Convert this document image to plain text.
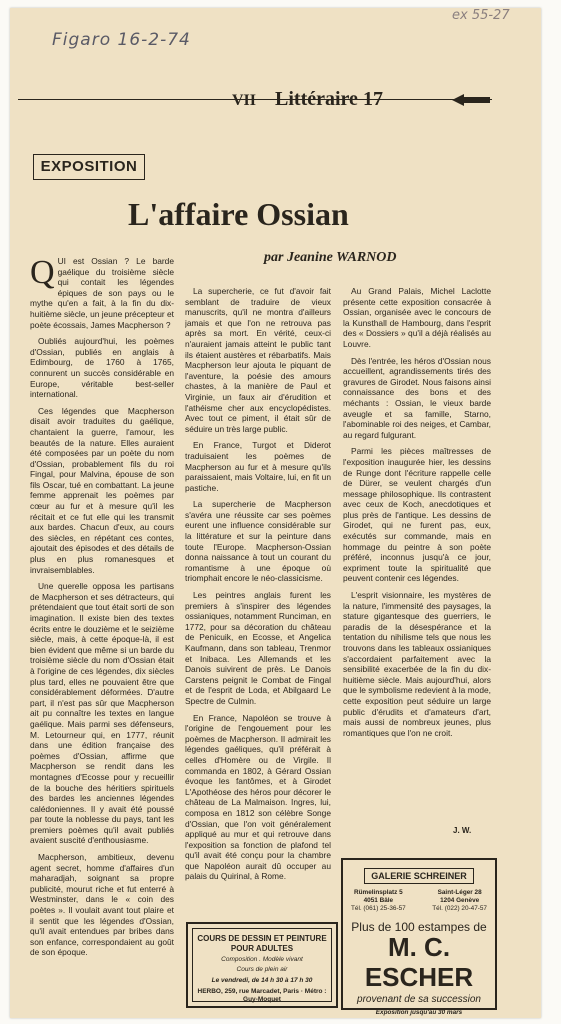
Figaro 16-2-74
ex 55-27
VII Littéraire 17
EXPOSITION
L'affaire Ossian
par Jeanine WARNOD

QUI est Ossian ? Le barde gaélique du troisième siècle qui contait les légendes épiques de son pays ou le mythe qu'en a fait, à la fin du dix-huitième siècle, un jeune précepteur et poète écossais, James Macpherson ?

Oubliés aujourd'hui, les poèmes d'Ossian, publiés en anglais à Edimbourg, de 1760 à 1765, connurent un succès considérable en Europe, véritable best-seller international.

Ces légendes que Macpherson disait avoir traduites du gaélique, chantaient la guerre, l'amour, les beautés de la nature. Elles auraient été composées par un poète du nom d'Ossian, probablement fils du roi Fingal, pour Malvina, épouse de son fils Oscar, tué en combattant. La jeune femme apprenait les poèmes par cœur au fur et à mesure qu'il les récitait et ce fut elle qui les transmit aux bardes. Chacun d'eux, au cours des siècles, en répétant ces contes, ajoutait des épisodes et des détails de plus en plus romanesques et invraisemblables.

Une querelle opposa les partisans de Macpherson et ses détracteurs, qui prétendaient que tout était sorti de son imagination. Il existe bien des textes écrits entre le douzième et le seizième siècle, mais, à cette époque-là, il est bien évident que même si un barde du troisième siècle du nom d'Ossian était à l'origine de ces légendes, dix siècles plus tard, elles ne pouvaient être que considérablement déformées. D'autre part, il n'est pas sûr que Macpherson ait pu connaître les textes en langue gaélique. Mais parmi ses défenseurs, M. Letourneur qui, en 1777, réunit dans une édition française des poèmes d'Ossian, affirme que Macpherson se rendit dans les montagnes d'Ecosse pour y recueillir de la bouche des héritiers spirituels des bardes les anciennes légendes calédoniennes. Il y avait été poussé par toute la noblesse du pays, tant les premiers poèmes qu'il avait publiés avaient suscité d'enthousiasme.

Macpherson, ambitieux, devenu agent secret, homme d'affaires d'un maharadjah, soignant sa propre publicité, mourut riche et fut enterré à Westminster, dans le « coin des poètes ». Il voulait avant tout plaire et il sentit que les légendes d'Ossian, qu'il avait entendues par bribes dans son enfance, correspondaient au goût de son époque.

La supercherie, ce fut d'avoir fait semblant de traduire de vieux manuscrits, qu'il ne montra d'ailleurs jamais et que l'on ne retrouva pas après sa mort. En vérité, ceux-ci n'auraient jamais atteint le public tant ils étaient austères et rébarbatifs. Mais Macpherson leur ajouta le piquant de l'aventure, la poésie des amours chastes, à la manière de Paul et Virginie, un faux air d'érudition et l'athéisme cher aux encyclopédistes. Avec tout ce piment, il était sûr de séduire un très large public.

En France, Turgot et Diderot traduisaient les poèmes de Macpherson au fur et à mesure qu'ils paraissaient, mais Voltaire, lui, en fit un pastiche.

La supercherie de Macpherson s'avéra une réussite car ses poèmes eurent une influence considérable sur la littérature et sur la peinture dans toute l'Europe. Macpherson-Ossian donna naissance à tout un courant du romantisme à une époque où triomphait encore le néo-classicisme.

Les peintres anglais furent les premiers à s'inspirer des légendes ossianiques, notamment Runciman, en 1772, pour sa décoration du château de Penicuik, en Ecosse, et Angelica Kaufmann, dans son tableau, Trenmor et Inibaca. Les Allemands et les Danois suivirent de près. Le Danois Carstens peignit le Combat de Fingal et de l'esprit de Loda, et Abilgaard Le Spectre de Culmin.

En France, Napoléon se trouve à l'origine de l'engouement pour les poèmes de Macpherson. Il admirait les légendes gaéliques, qu'il préférait à celles d'Homère ou de Virgile. Il commanda en 1802, à Gérard Ossian évoque les fantômes, et à Girodet L'Apothéose des héros pour décorer le château de La Malmaison. Ingres, lui, composa en 1812 son célèbre Songe d'Ossian, que l'on voit généralement appliqué au mur et qui retrouve dans l'exposition sa fonction de plafond tel qu'il avait été conçu pour la chambre que Napoléon aurait dû occuper au palais du Quirinal, à Rome.

Au Grand Palais, Michel Laclotte présente cette exposition consacrée à Ossian, organisée avec le concours de la Kunsthall de Hambourg, dans l'esprit des « Dossiers » qu'il a déjà réalisés au Louvre.

Dès l'entrée, les héros d'Ossian nous accueillent, agrandissements tirés des gravures de Girodet. Nous faisons ainsi connaissance des bons et des méchants : Ossian, le vieux barde aveugle et sa famille, Starno, l'abominable roi des neiges, et Cambar, au regard fulgurant.

Parmi les pièces maîtresses de l'exposition inaugurée hier, les dessins de Runge dont l'écriture rappelle celle de Dürer, se veulent chargés d'un message philosophique. Ils contrastent avec ceux de Koch, anecdotiques et plus près de l'antique. Les dessins de Girodet, qui ne furent pas, eux, exécutés sur commande, mais en hommage du peintre à son poète préféré, inconnus jusqu'à ce jour, expriment toute la spiritualité que peuvent contenir ces légendes.

L'esprit visionnaire, les mystères de la nature, l'immensité des paysages, la stature gigantesque des guerriers, le paradis de la désespérance et la tentation du nihilisme tels que nous les trouvons dans les tableaux ossianiques s'accordaient parfaitement avec la sensibilité exacerbée de la fin du dix-huitième siècle. Mais aujourd'hui, alors que le symbolisme redevient à la mode, cette exposition peut séduire un large public d'érudits et d'amateurs d'art, mais aussi de nombreux jeunes, plus romantiques que l'on ne croit.

J. W.
COURS DE DESSIN ET PEINTURE POUR ADULTES
Composition . Modèle vivant
Cours de plein air
Le vendredi, de 14 h 30 à 17 h 30
HERBO, 259, rue Marcadet, Paris · Métro : Guy-Moquet
GALERIE SCHREINER
Rümelinsplatz 5
4051 Bâle
Tél. (061) 25-36-57
Saint-Léger 28
1204 Genève
Tél. (022) 20-47-57
Plus de 100 estampes de
M. C. ESCHER
provenant de sa succession
Exposition jusqu'au 30 mars
